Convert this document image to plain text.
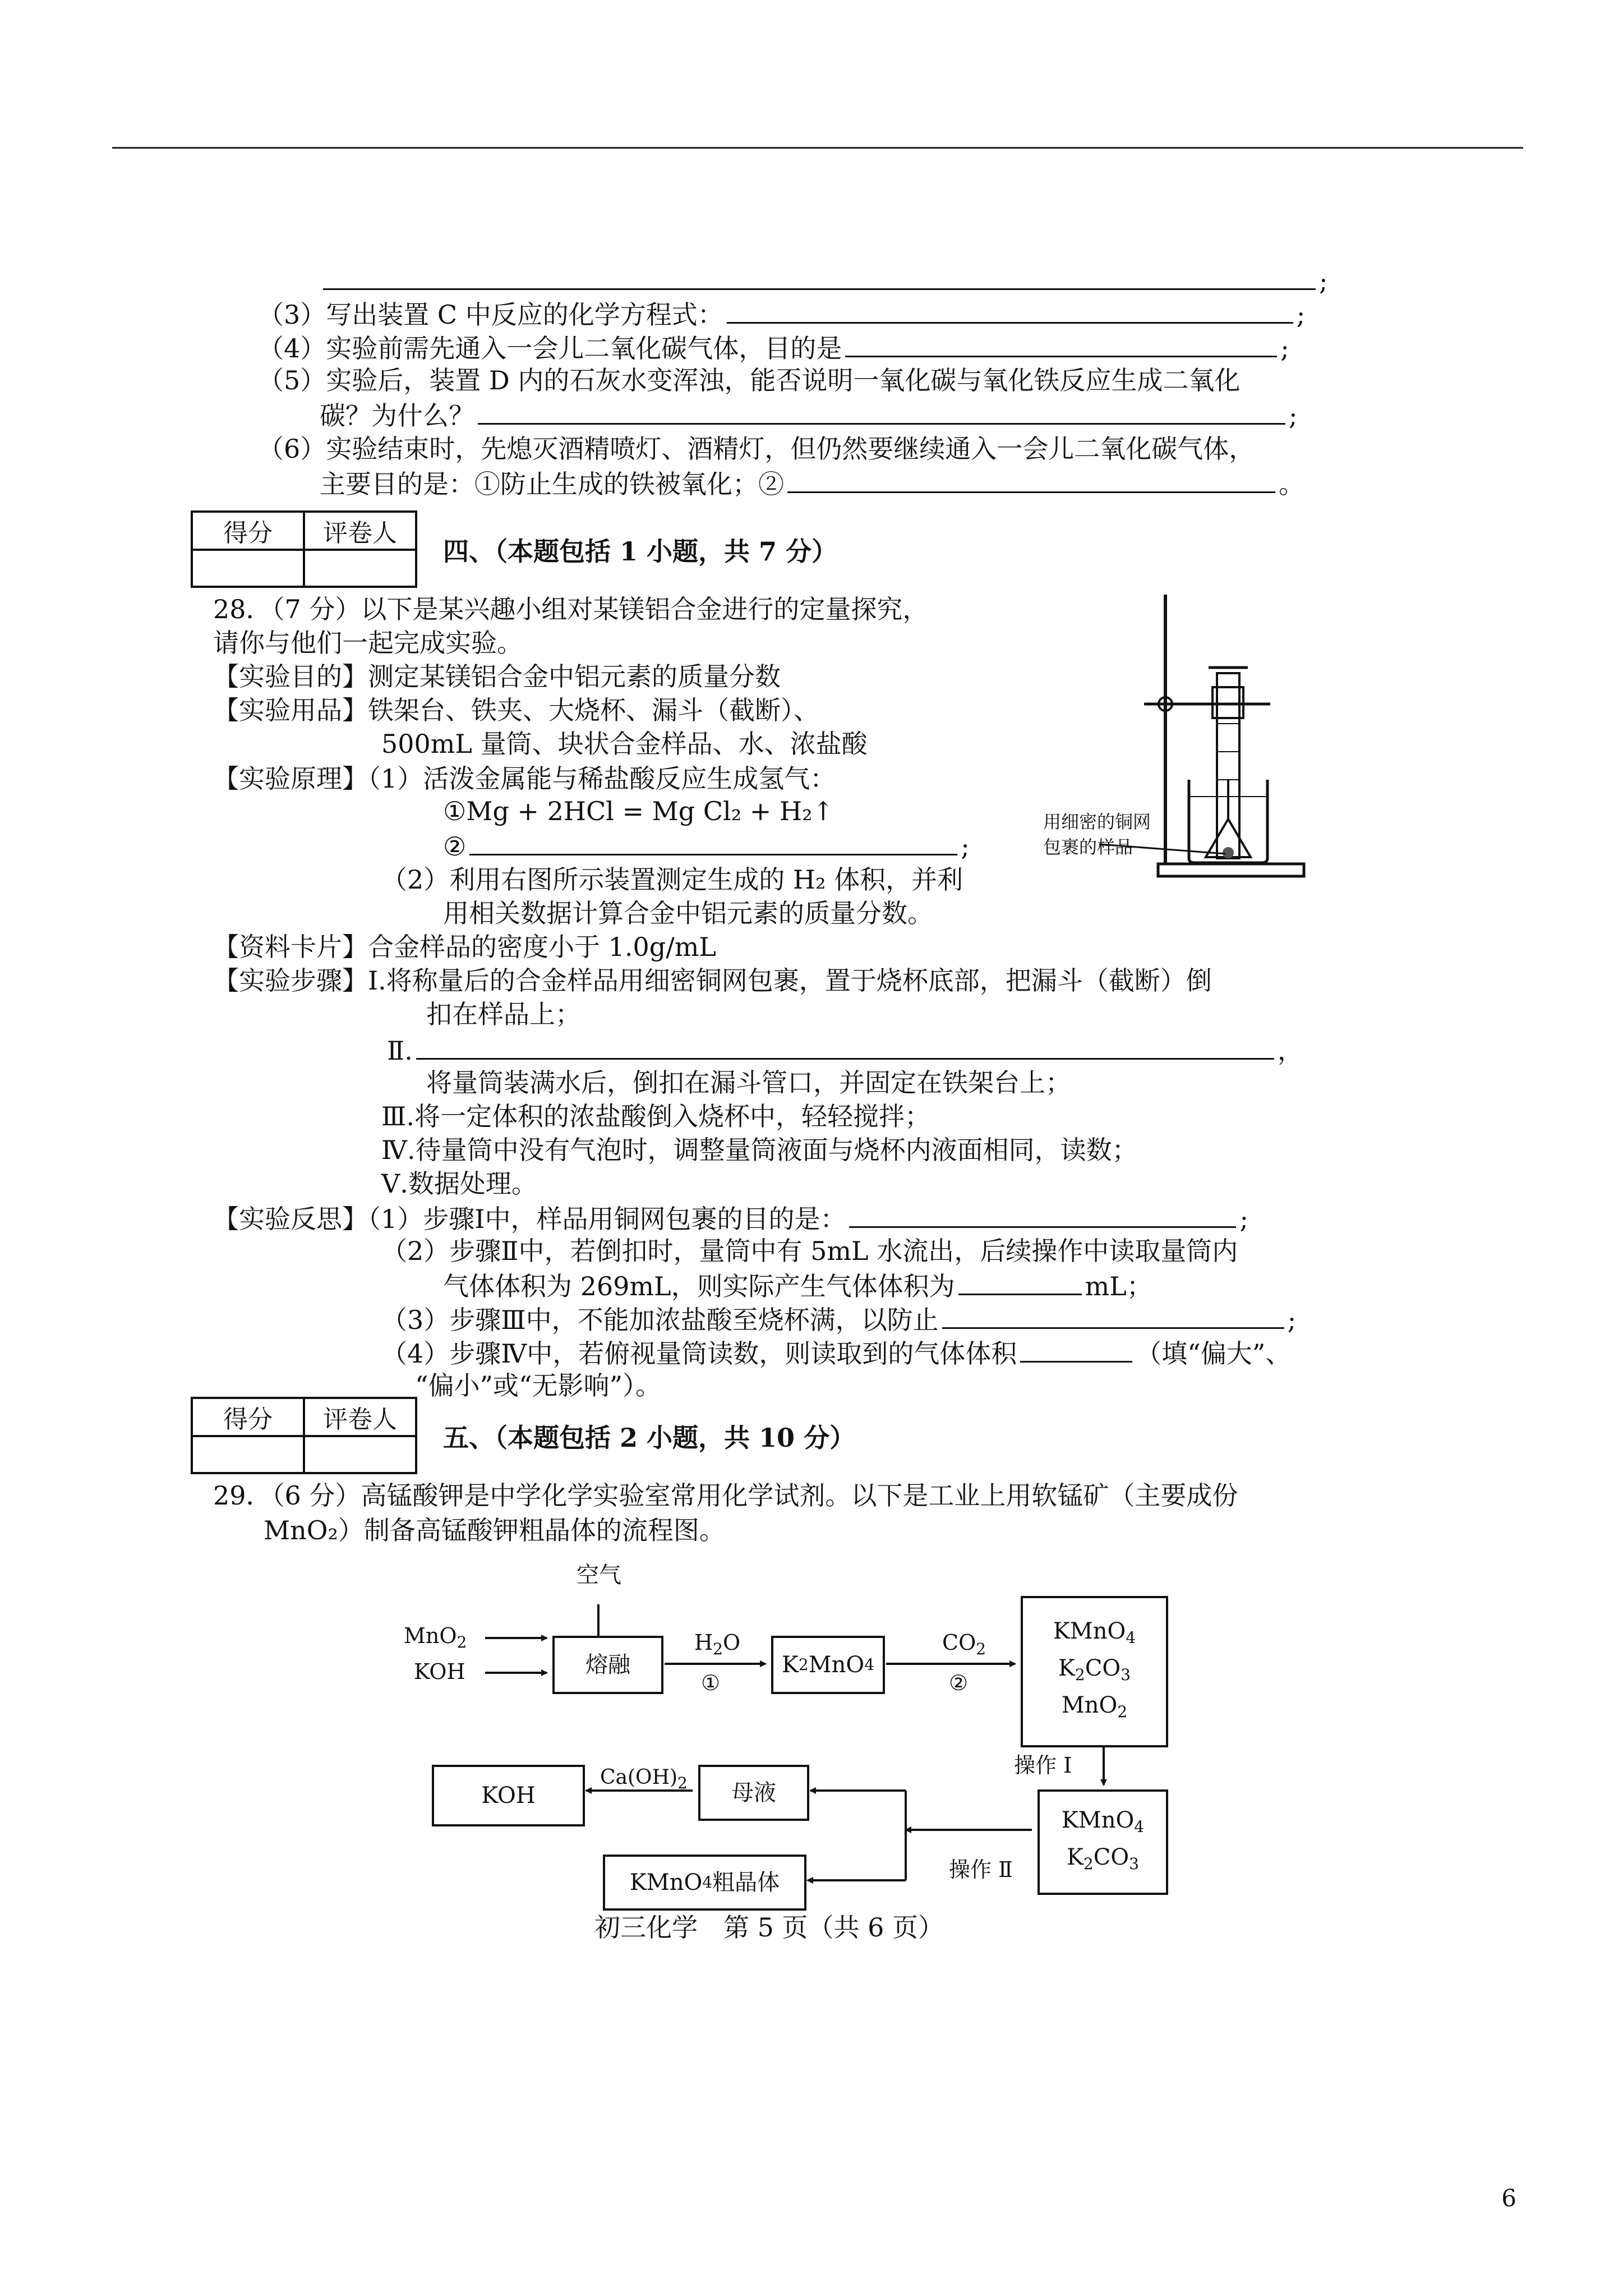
;
（3）写出装置 C 中反应的化学方程式：	;
（4）实验前需先通入一会儿二氧化碳气体，目的是	;
（5）实验后，装置 D 内的石灰水变浑浊，能否说明一氧化碳与氧化铁反应生成二氧化
碳？为什么？	;
（6）实验结束时，先熄灭酒精喷灯、酒精灯，但仍然要继续通入一会儿二氧化碳气体，
主要目的是：①防止生成的铁被氧化；②	。
得分	评卷人

四、（本题包括 1 小题，共 7 分）
28．（7 分）以下是某兴趣小组对某镁铝合金进行的定量探究，
请你与他们一起完成实验。
【实验目的】测定某镁铝合金中铝元素的质量分数
【实验用品】铁架台、铁夹、大烧杯、漏斗（截断）、
500mL 量筒、块状合金样品、水、浓盐酸
【实验原理】（1）活泼金属能与稀盐酸反应生成氢气：
①Mg + 2HCl = Mg Cl₂ + H₂↑
②	;
（2）利用右图所示装置测定生成的 H₂ 体积，并利
用相关数据计算合金中铝元素的质量分数。
【资料卡片】合金样品的密度小于 1.0g/mL
【实验步骤】Ⅰ.将称量后的合金样品用细密铜网包裹，置于烧杯底部，把漏斗（截断）倒
扣在样品上；
Ⅱ.	，
将量筒装满水后，倒扣在漏斗管口，并固定在铁架台上；
Ⅲ.将一定体积的浓盐酸倒入烧杯中，轻轻搅拌；
Ⅳ.待量筒中没有气泡时，调整量筒液面与烧杯内液面相同，读数；
Ⅴ.数据处理。
【实验反思】（1）步骤Ⅰ中，样品用铜网包裹的目的是：	;
（2）步骤Ⅱ中，若倒扣时，量筒中有 5mL 水流出，后续操作中读取量筒内
气体体积为 269mL，则实际产生气体体积为	mL；
（3）步骤Ⅲ中，不能加浓盐酸至烧杯满，以防止	;
（4）步骤Ⅳ中，若俯视量筒读数，则读取到的气体体积	（填“偏大”、
“偏小”或“无影响”）。
用细密的铜网
包裹的样品
得分	评卷人

五、（本题包括 2 小题，共 10 分）
29．（6 分）高锰酸钾是中学化学实验室常用化学试剂。以下是工业上用软锰矿（主要成份
MnO₂）制备高锰酸钾粗晶体的流程图。
空气
MnO$_2$
KOH	熔融
$H_2O$
①
K 2 MnO 4
$CO_2$
②
KMnO$_4$
$K_2CO_3$
MnO$_2$
操作 Ⅰ
KMnO$_4$
$K_2CO_3$
操作 Ⅱ
母液
$Ca(OH)_2$
KOH
KMnO 4 粗晶体
初三化学　第 5 页（共 6 页）
6
